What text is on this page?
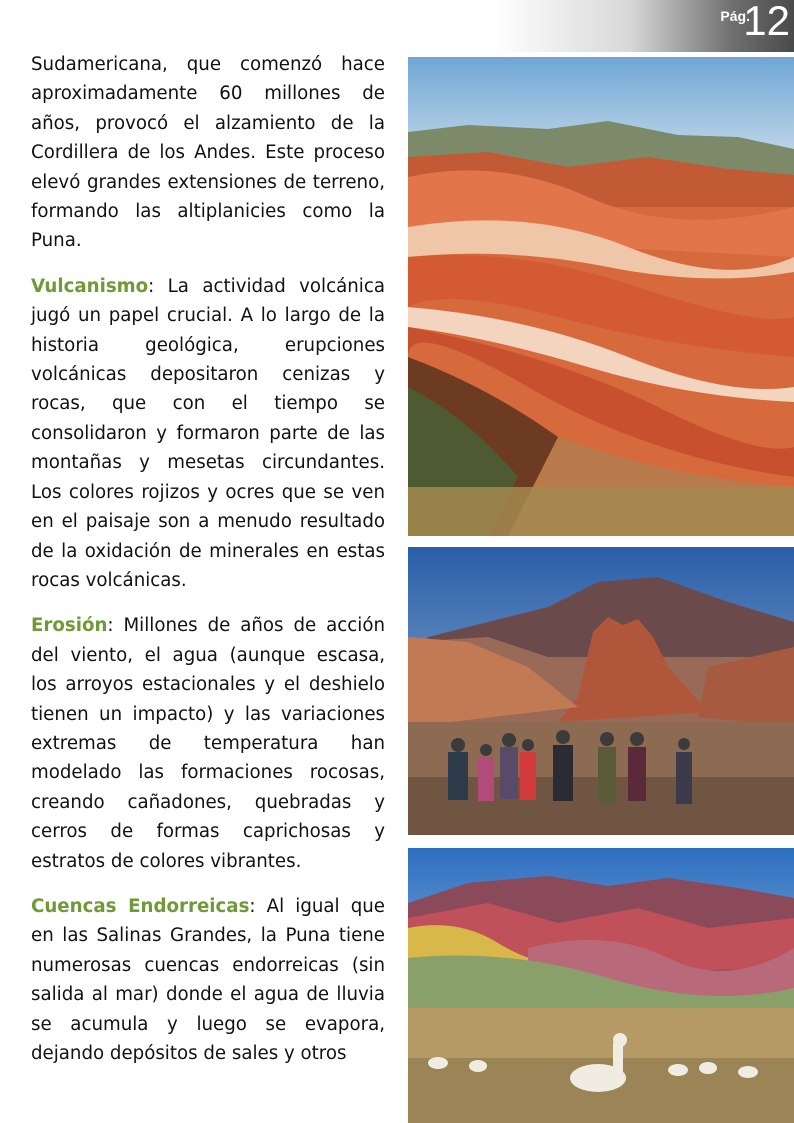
Pág.
12

Sudamericana, que comenzó hace aproximadamente 60 millones de años, provocó el alzamiento de la Cordillera de los Andes. Este proceso elevó grandes extensiones de terreno, formando las altiplanicies como la Puna.

Vulcanismo: La actividad volcánica jugó un papel crucial. A lo largo de la historia geológica, erupciones volcánicas depositaron cenizas y rocas, que con el tiempo se consolidaron y formaron parte de las montañas y mesetas circundantes. Los colores rojizos y ocres que se ven en el paisaje son a menudo resultado de la oxidación de minerales en estas rocas volcánicas.

Erosión: Millones de años de acción del viento, el agua (aunque escasa, los arroyos estacionales y el deshielo tienen un impacto) y las variaciones extremas de temperatura han modelado las formaciones rocosas, creando cañadones, quebradas y cerros de formas caprichosas y estratos de colores vibrantes.

Cuencas Endorreicas: Al igual que en las Salinas Grandes, la Puna tiene numerosas cuencas endorreicas (sin salida al mar) donde el agua de lluvia se acumula y luego se evapora, dejando depósitos de sales y otros
